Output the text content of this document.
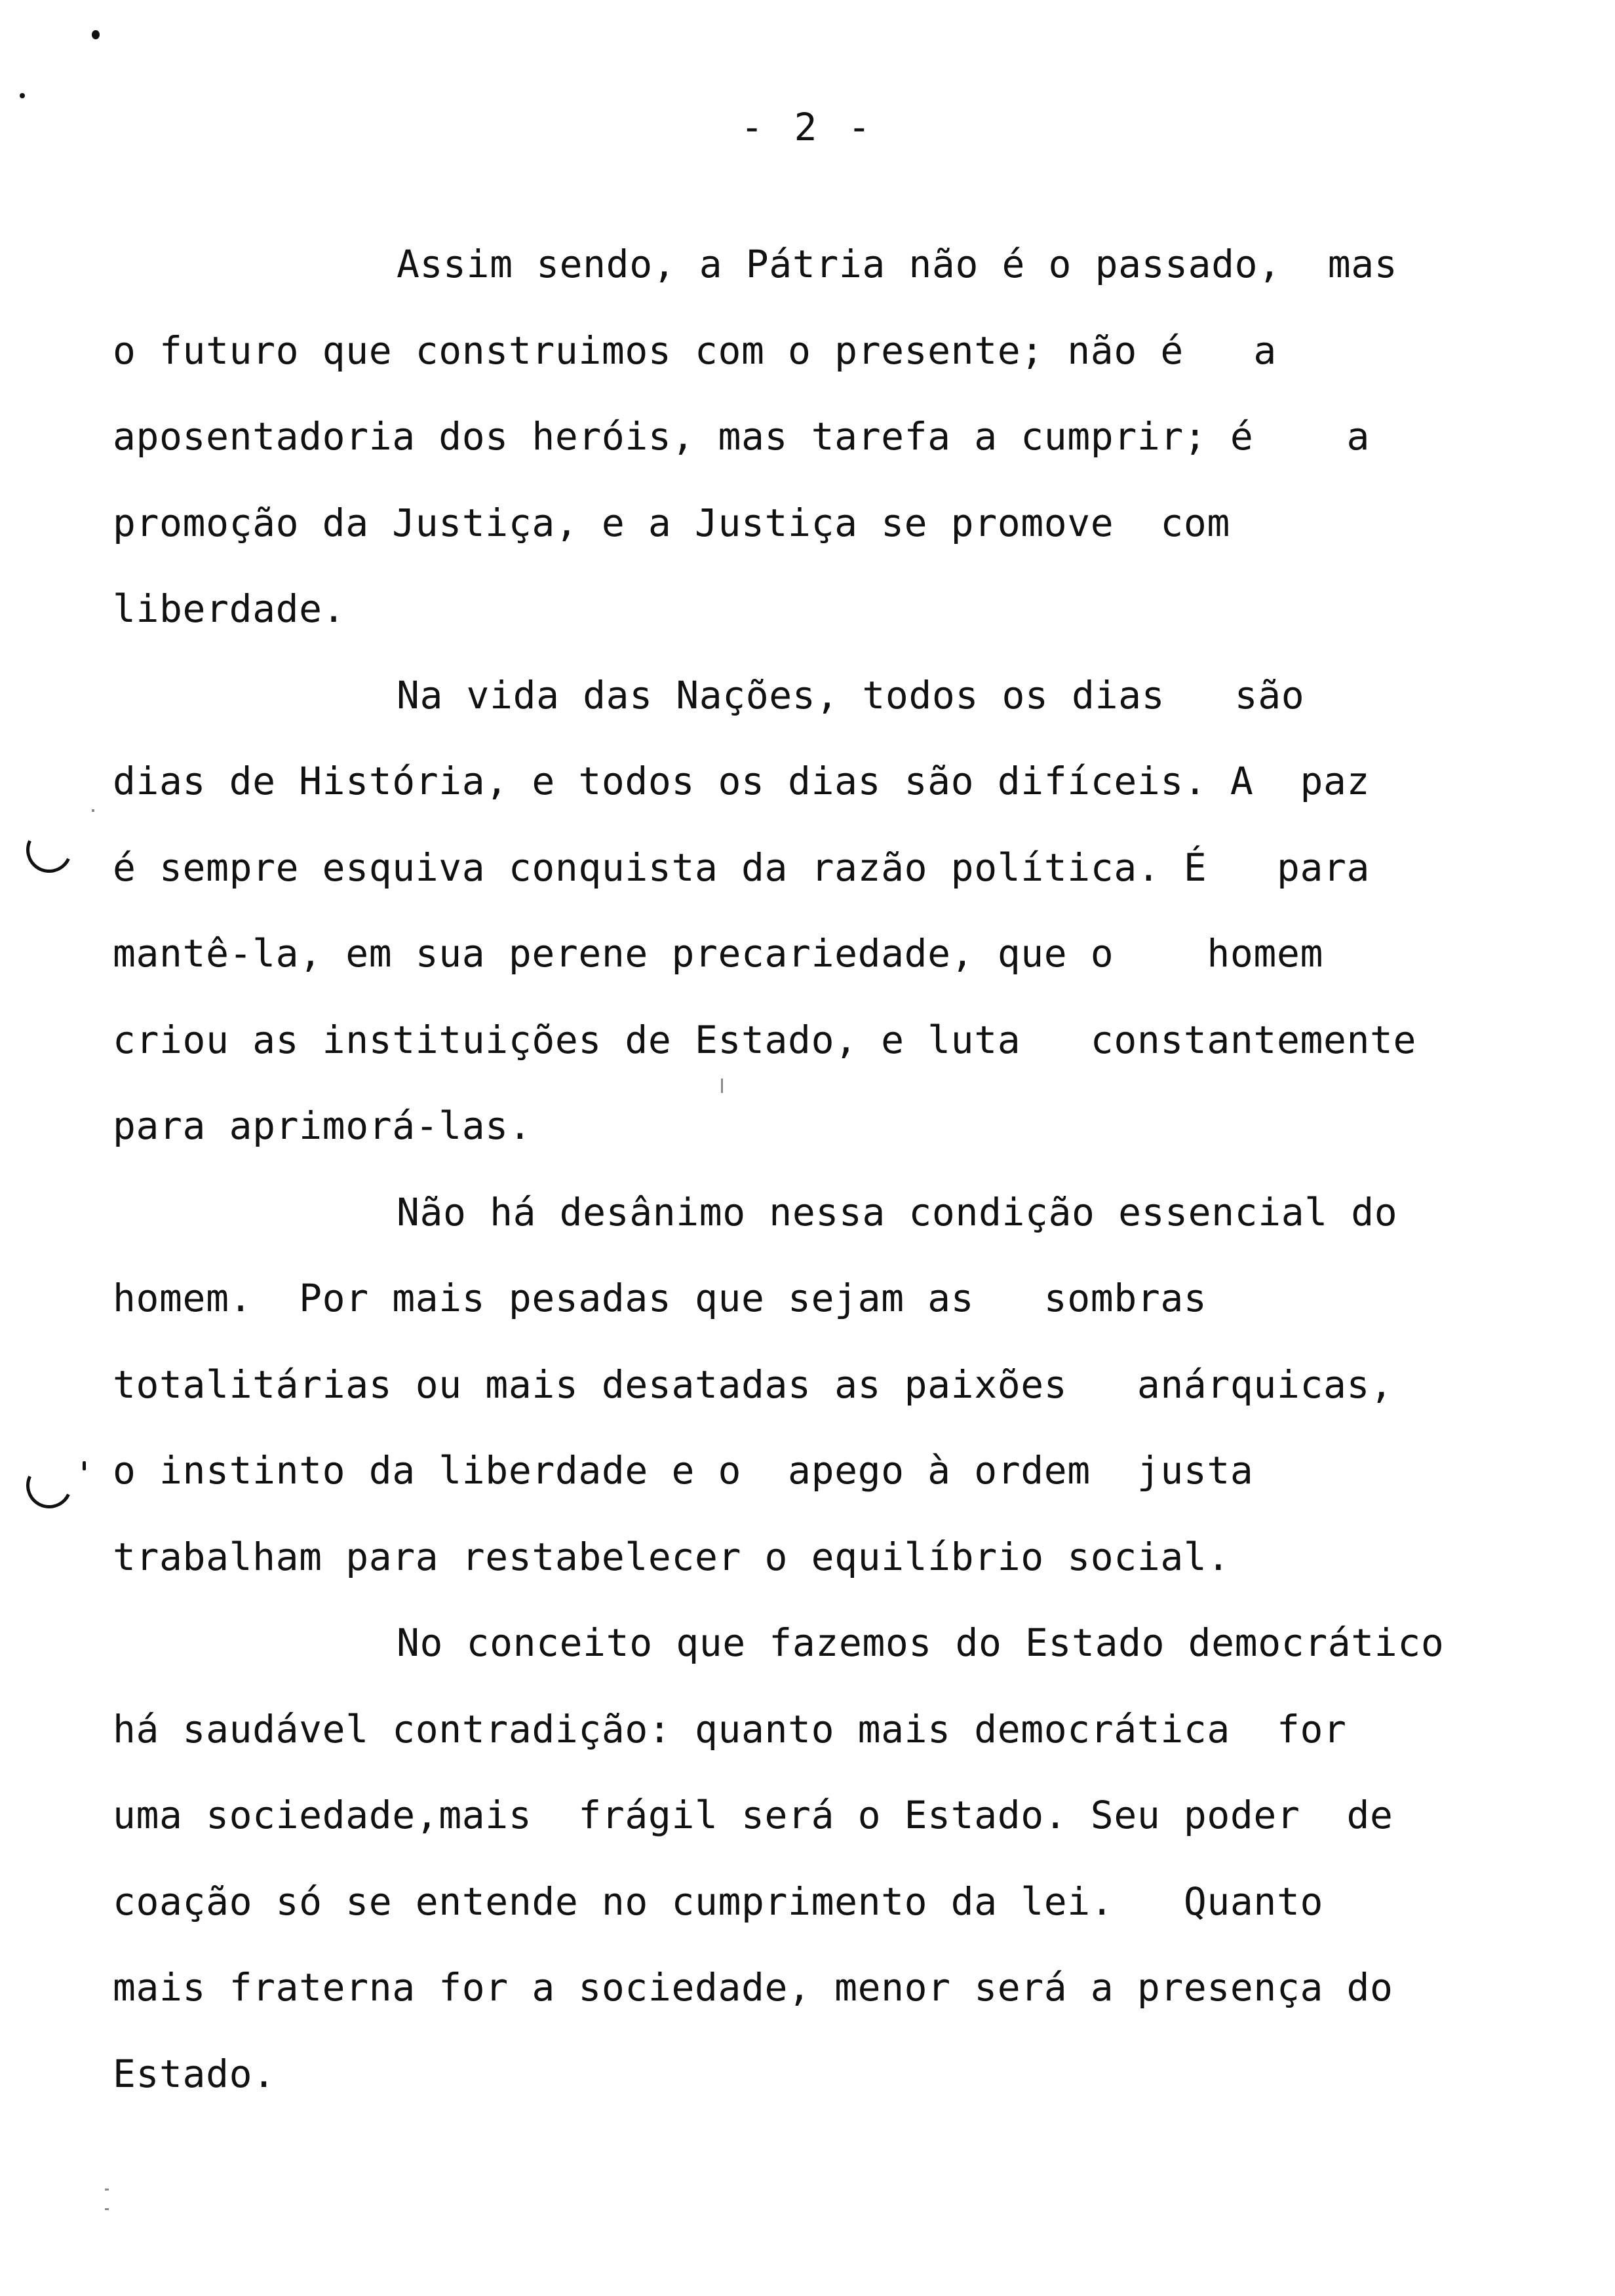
- 2 -
Assim sendo, a Pátria não é o passado,  mas
o futuro que construimos com o presente; não é   a
aposentadoria dos heróis, mas tarefa a cumprir; é    a
promoção da Justiça, e a Justiça se promove  com
liberdade.
Na vida das Nações, todos os dias   são
dias de História, e todos os dias são difíceis. A  paz
é sempre esquiva conquista da razão política. É   para
mantê-la, em sua perene precariedade, que o    homem
criou as instituições de Estado, e luta   constantemente
para aprimorá-las.
Não há desânimo nessa condição essencial do
homem.  Por mais pesadas que sejam as   sombras
totalitárias ou mais desatadas as paixões   anárquicas,
o instinto da liberdade e o  apego à ordem  justa
trabalham para restabelecer o equilíbrio social.
No conceito que fazemos do Estado democrático
há saudável contradição: quanto mais democrática  for
uma sociedade,mais  frágil será o Estado. Seu poder  de
coação só se entende no cumprimento da lei.   Quanto
mais fraterna for a sociedade, menor será a presença do
Estado.
